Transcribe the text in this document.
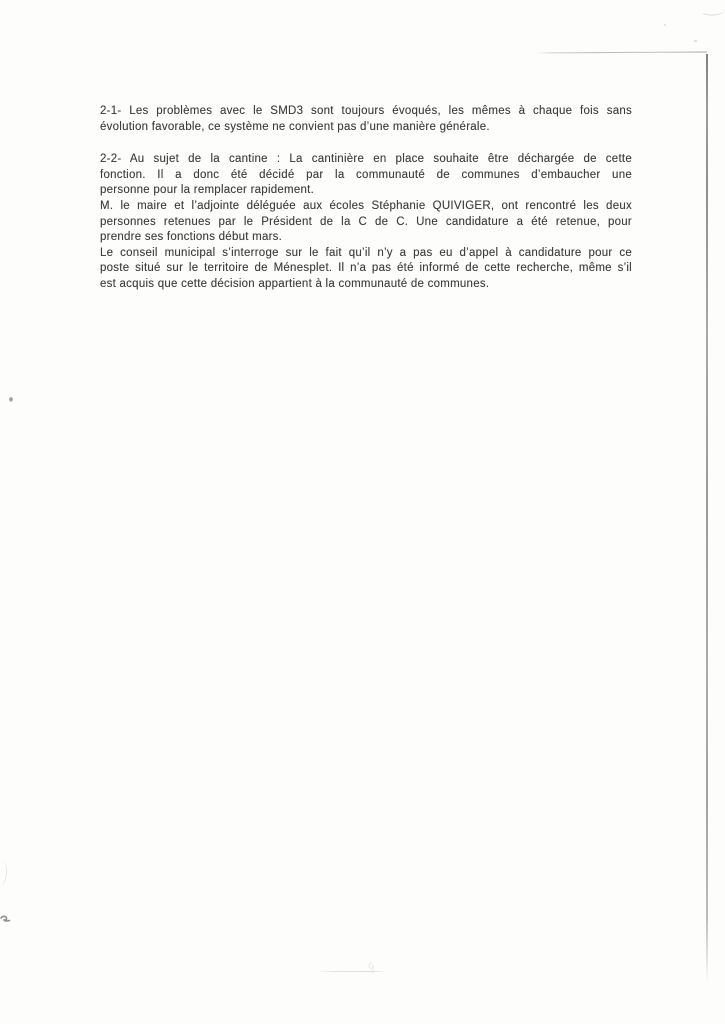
2-1- Les problèmes avec le SMD3 sont toujours évoqués, les mêmes à chaque fois sans
évolution favorable, ce système ne convient pas d’une manière générale.
2-2- Au sujet de la cantine : La cantinière en place souhaite être déchargée de cette
fonction. Il a donc été décidé par la communauté de communes d’embaucher une
personne pour la remplacer rapidement.
M. le maire et l’adjointe déléguée aux écoles Stéphanie QUIVIGER, ont rencontré les deux
personnes retenues par le Président de la C de C. Une candidature a été retenue, pour
prendre ses fonctions début mars.
Le conseil municipal s’interroge sur le fait qu’il n’y a pas eu d’appel à candidature pour ce
poste situé sur le territoire de Ménesplet. Il n’a pas été informé de cette recherche, même s’il
est acquis que cette décision appartient à la communauté de communes.
